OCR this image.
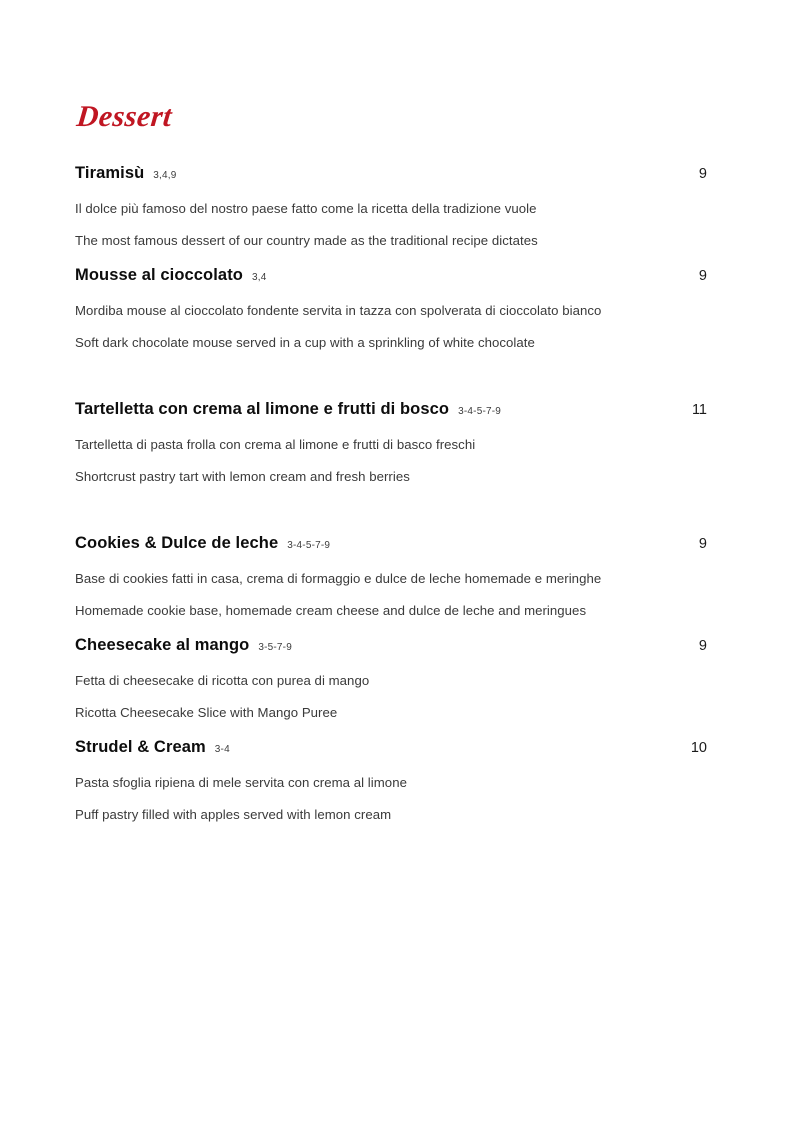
Dessert
Tiramisù 3,4,9	9
Il dolce più famoso del nostro paese fatto come la ricetta della tradizione vuole
The most famous dessert of our country made as the traditional recipe dictates
Mousse al cioccolato 3,4	9
Mordiba mouse al cioccolato fondente servita in tazza con spolverata di cioccolato bianco
Soft dark chocolate mouse served in a cup with a sprinkling of white chocolate
Tartelletta con crema al limone e frutti di bosco 3-4-5-7-9	11
Tartelletta di pasta frolla con crema al limone e frutti di basco freschi
Shortcrust pastry tart with lemon cream and fresh berries
Cookies & Dulce de leche 3-4-5-7-9	9
Base di cookies fatti in casa, crema di formaggio e dulce de leche homemade e meringhe
Homemade cookie base, homemade cream cheese and dulce de leche and meringues
Cheesecake al mango 3-5-7-9	9
Fetta di cheesecake di ricotta con purea di mango
Ricotta Cheesecake Slice with Mango Puree
Strudel & Cream 3-4	10
Pasta sfoglia ripiena di mele servita con crema al limone
Puff pastry filled with apples served with lemon cream
